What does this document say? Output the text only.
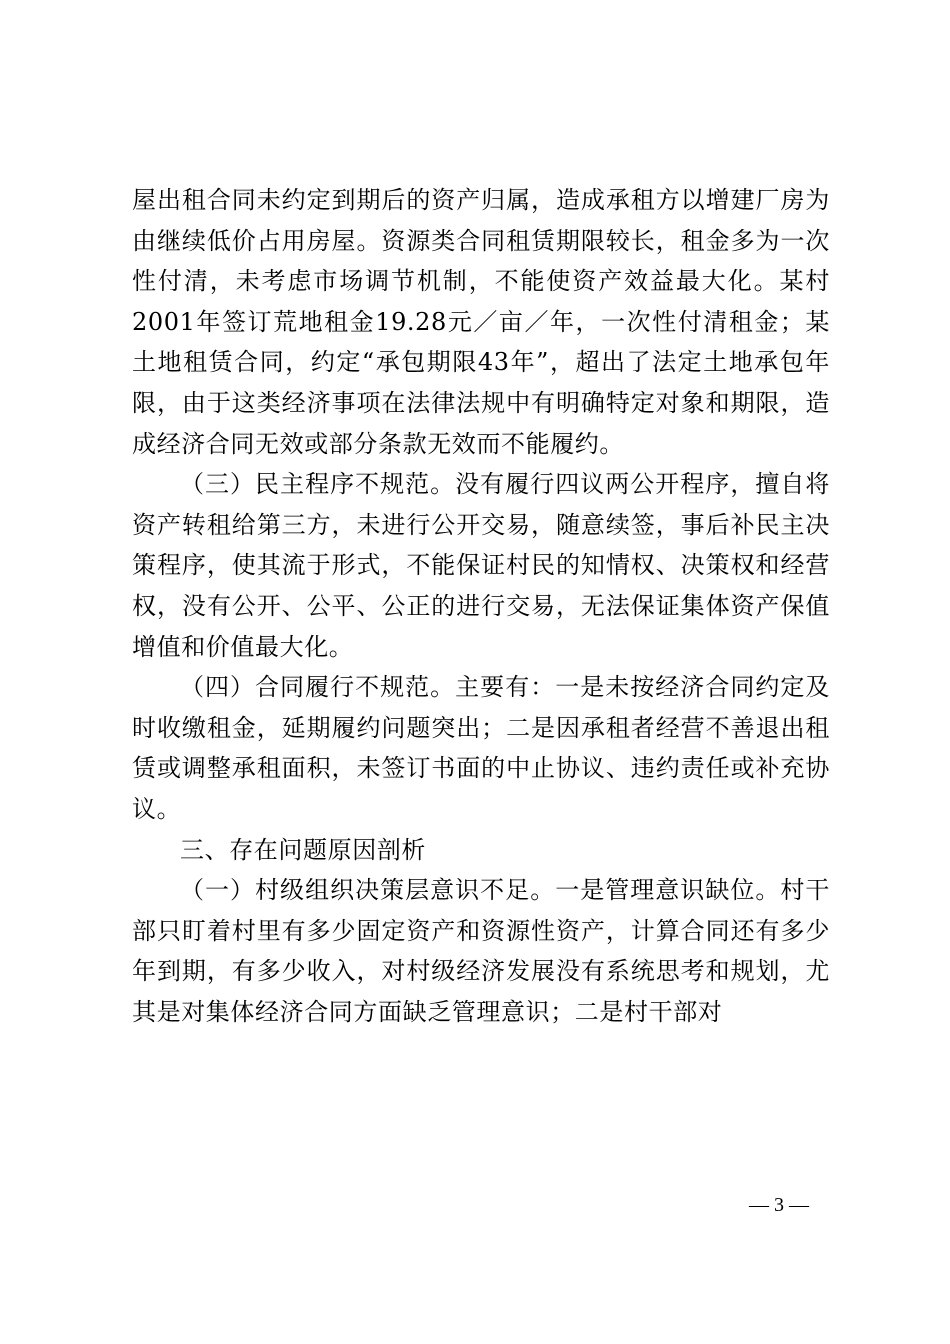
屋出租合同未约定到期后的资产归属，造成承租方以增建厂房为由继续低价占用房屋。资源类合同租赁期限较长，租金多为一次性付清，未考虑市场调节机制，不能使资产效益最大化。某村2001年签订荒地租金19.28元／亩／年，一次性付清租金；某土地租赁合同，约定“承包期限43年”，超出了法定土地承包年限，由于这类经济事项在法律法规中有明确特定对象和期限，造成经济合同无效或部分条款无效而不能履约。

（三）民主程序不规范。没有履行四议两公开程序，擅自将资产转租给第三方，未进行公开交易，随意续签，事后补民主决策程序，使其流于形式，不能保证村民的知情权、决策权和经营权，没有公开、公平、公正的进行交易，无法保证集体资产保值增值和价值最大化。

（四）合同履行不规范。主要有：一是未按经济合同约定及时收缴租金，延期履约问题突出；二是因承租者经营不善退出租赁或调整承租面积，未签订书面的中止协议、违约责任或补充协议。

三、存在问题原因剖析

（一）村级组织决策层意识不足。一是管理意识缺位。村干部只盯着村里有多少固定资产和资源性资产，计算合同还有多少年到期，有多少收入，对村级经济发展没有系统思考和规划，尤其是对集体经济合同方面缺乏管理意识；二是村干部对

— 3 —
